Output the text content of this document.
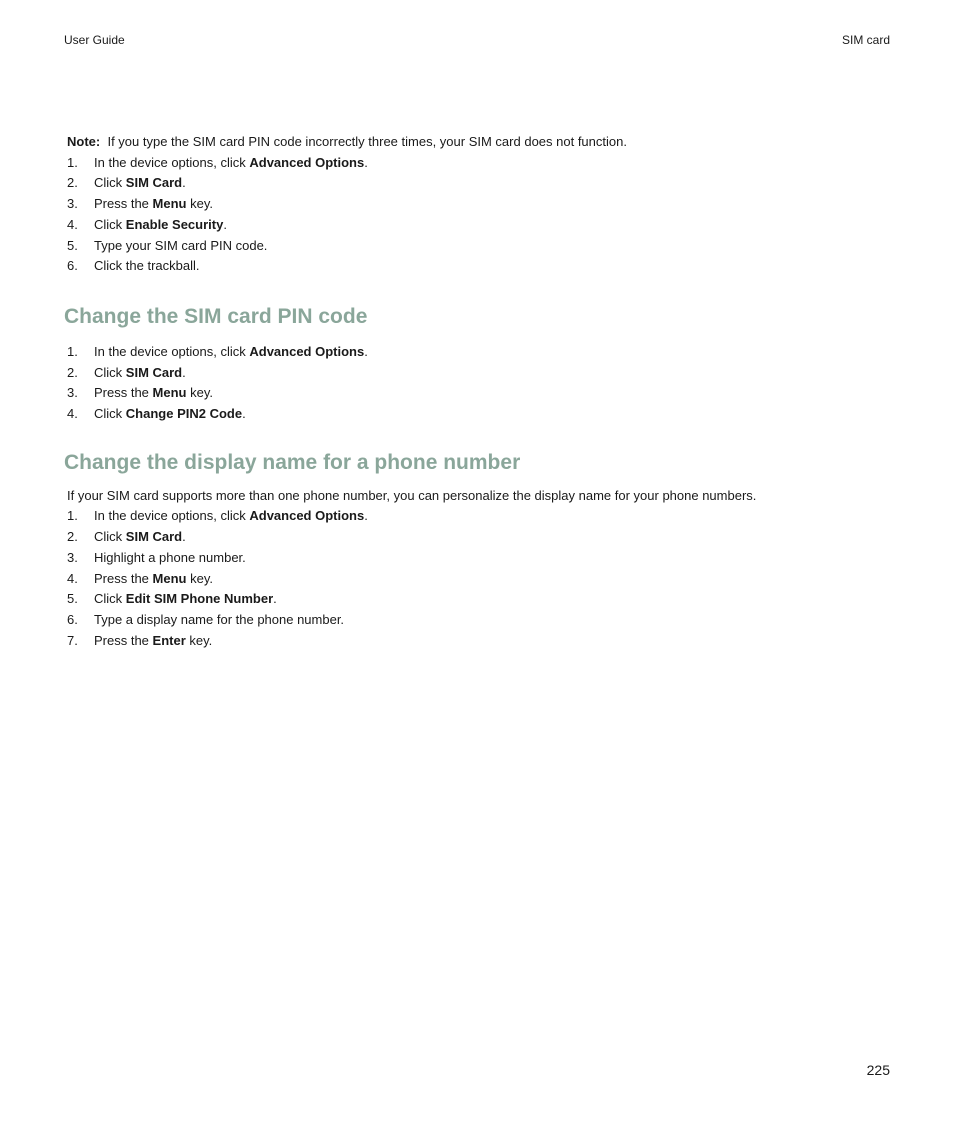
User Guide	SIM card

Note: If you type the SIM card PIN code incorrectly three times, your SIM card does not function.

1. In the device options, click Advanced Options.
2. Click SIM Card.
3. Press the Menu key.
4. Click Enable Security.
5. Type your SIM card PIN code.
6. Click the trackball.
Change the SIM card PIN code
1. In the device options, click Advanced Options.
2. Click SIM Card.
3. Press the Menu key.
4. Click Change PIN2 Code.
Change the display name for a phone number

If your SIM card supports more than one phone number, you can personalize the display name for your phone numbers.

1. In the device options, click Advanced Options.
2. Click SIM Card.
3. Highlight a phone number.
4. Press the Menu key.
5. Click Edit SIM Phone Number.
6. Type a display name for the phone number.
7. Press the Enter key.
225
